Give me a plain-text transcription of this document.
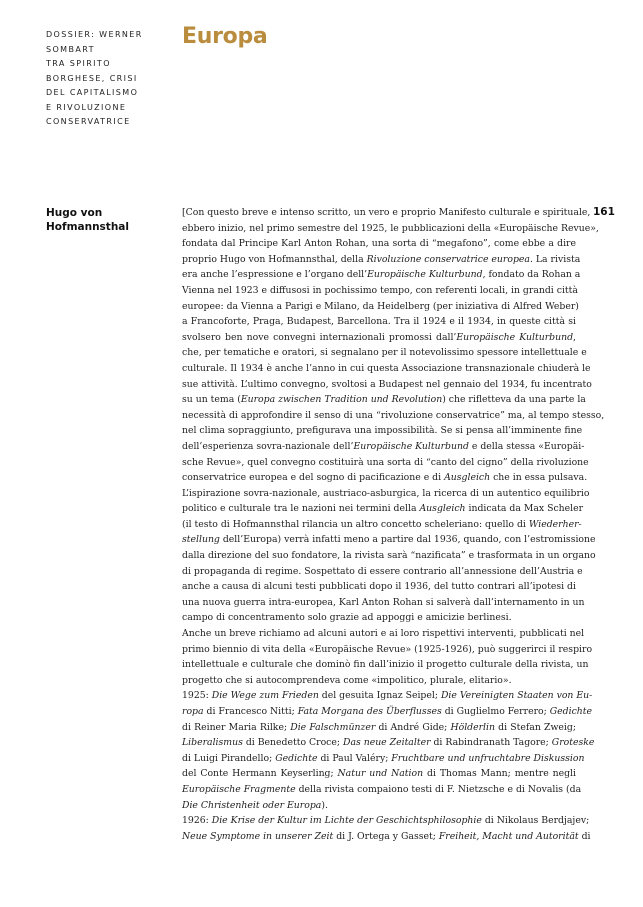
DOSSIER: WERNER
SOMBART
TRA SPIRITO
BORGHESE, CRISI
DEL CAPITALISMO
E RIVOLUZIONE
CONSERVATRICE
Europa
Hugo von
Hofmannsthal
161
[Con questo breve e intenso scritto, un vero e proprio Manifesto culturale e spirituale,
ebbero inizio, nel primo semestre del 1925, le pubblicazioni della «Europäische Revue»,
fondata dal Principe Karl Anton Rohan, una sorta di “megafono”, come ebbe a dire
proprio Hugo von Hofmannsthal, della Rivoluzione conservatrice europea. La rivista
era anche l’espressione e l’organo dell’Europäische Kulturbund, fondato da Rohan a
Vienna nel 1923 e diffusosi in pochissimo tempo, con referenti locali, in grandi città
europee: da Vienna a Parigi e Milano, da Heidelberg (per iniziativa di Alfred Weber)
a Francoforte, Praga, Budapest, Barcellona. Tra il 1924 e il 1934, in queste città si
svolsero ben nove convegni internazionali promossi dall’Europäische Kulturbund,
che, per tematiche e oratori, si segnalano per il notevolissimo spessore intellettuale e
culturale. Il 1934 è anche l’anno in cui questa Associazione transnazionale chiuderà le
sue attività. L’ultimo convegno, svoltosi a Budapest nel gennaio del 1934, fu incentrato
su un tema (Europa zwischen Tradition und Revolution) che rifletteva da una parte la
necessità di approfondire il senso di una “rivoluzione conservatrice” ma, al tempo stesso,
nel clima sopraggiunto, prefigurava una impossibilità. Se si pensa all’imminente fine
dell’esperienza sovra-nazionale dell’Europäische Kulturbund e della stessa «Europäi-
sche Revue», quel convegno costituirà una sorta di “canto del cigno” della rivoluzione
conservatrice europea e del sogno di pacificazione e di Ausgleich che in essa pulsava.
L’ispirazione sovra-nazionale, austriaco-asburgica, la ricerca di un autentico equilibrio
politico e culturale tra le nazioni nei termini della Ausgleich indicata da Max Scheler
(il testo di Hofmannsthal rilancia un altro concetto scheleriano: quello di Wiederher-
stellung dell’Europa) verrà infatti meno a partire dal 1936, quando, con l’estromissione
dalla direzione del suo fondatore, la rivista sarà “nazificata” e trasformata in un organo
di propaganda di regime. Sospettato di essere contrario all’annessione dell’Austria e
anche a causa di alcuni testi pubblicati dopo il 1936, del tutto contrari all’ipotesi di
una nuova guerra intra-europea, Karl Anton Rohan si salverà dall’internamento in un
campo di concentramento solo grazie ad appoggi e amicizie berlinesi.
Anche un breve richiamo ad alcuni autori e ai loro rispettivi interventi, pubblicati nel
primo biennio di vita della «Europäische Revue» (1925-1926), può suggerirci il respiro
intellettuale e culturale che dominò fin dall’inizio il progetto culturale della rivista, un
progetto che si autocomprendeva come «impolitico, plurale, elitario».
1925: Die Wege zum Frieden del gesuita Ignaz Seipel; Die Vereinigten Staaten von Eu-
ropa di Francesco Nitti; Fata Morgana des Überflusses di Guglielmo Ferrero; Gedichte
di Reiner Maria Rilke; Die Falschmünzer di André Gide; Hölderlin di Stefan Zweig;
Liberalismus di Benedetto Croce; Das neue Zeitalter di Rabindranath Tagore; Groteske
di Luigi Pirandello; Gedichte di Paul Valéry; Fruchtbare und unfruchtabre Diskussion
del Conte Hermann Keyserling; Natur und Nation di Thomas Mann; mentre negli
Europäische Fragmente della rivista compaiono testi di F. Nietzsche e di Novalis (da
Die Christenheit oder Europa).
1926: Die Krise der Kultur im Lichte der Geschichtsphilosophie di Nikolaus Berdjajev;
Neue Symptome in unserer Zeit di J. Ortega y Gasset; Freiheit, Macht und Autorität di
